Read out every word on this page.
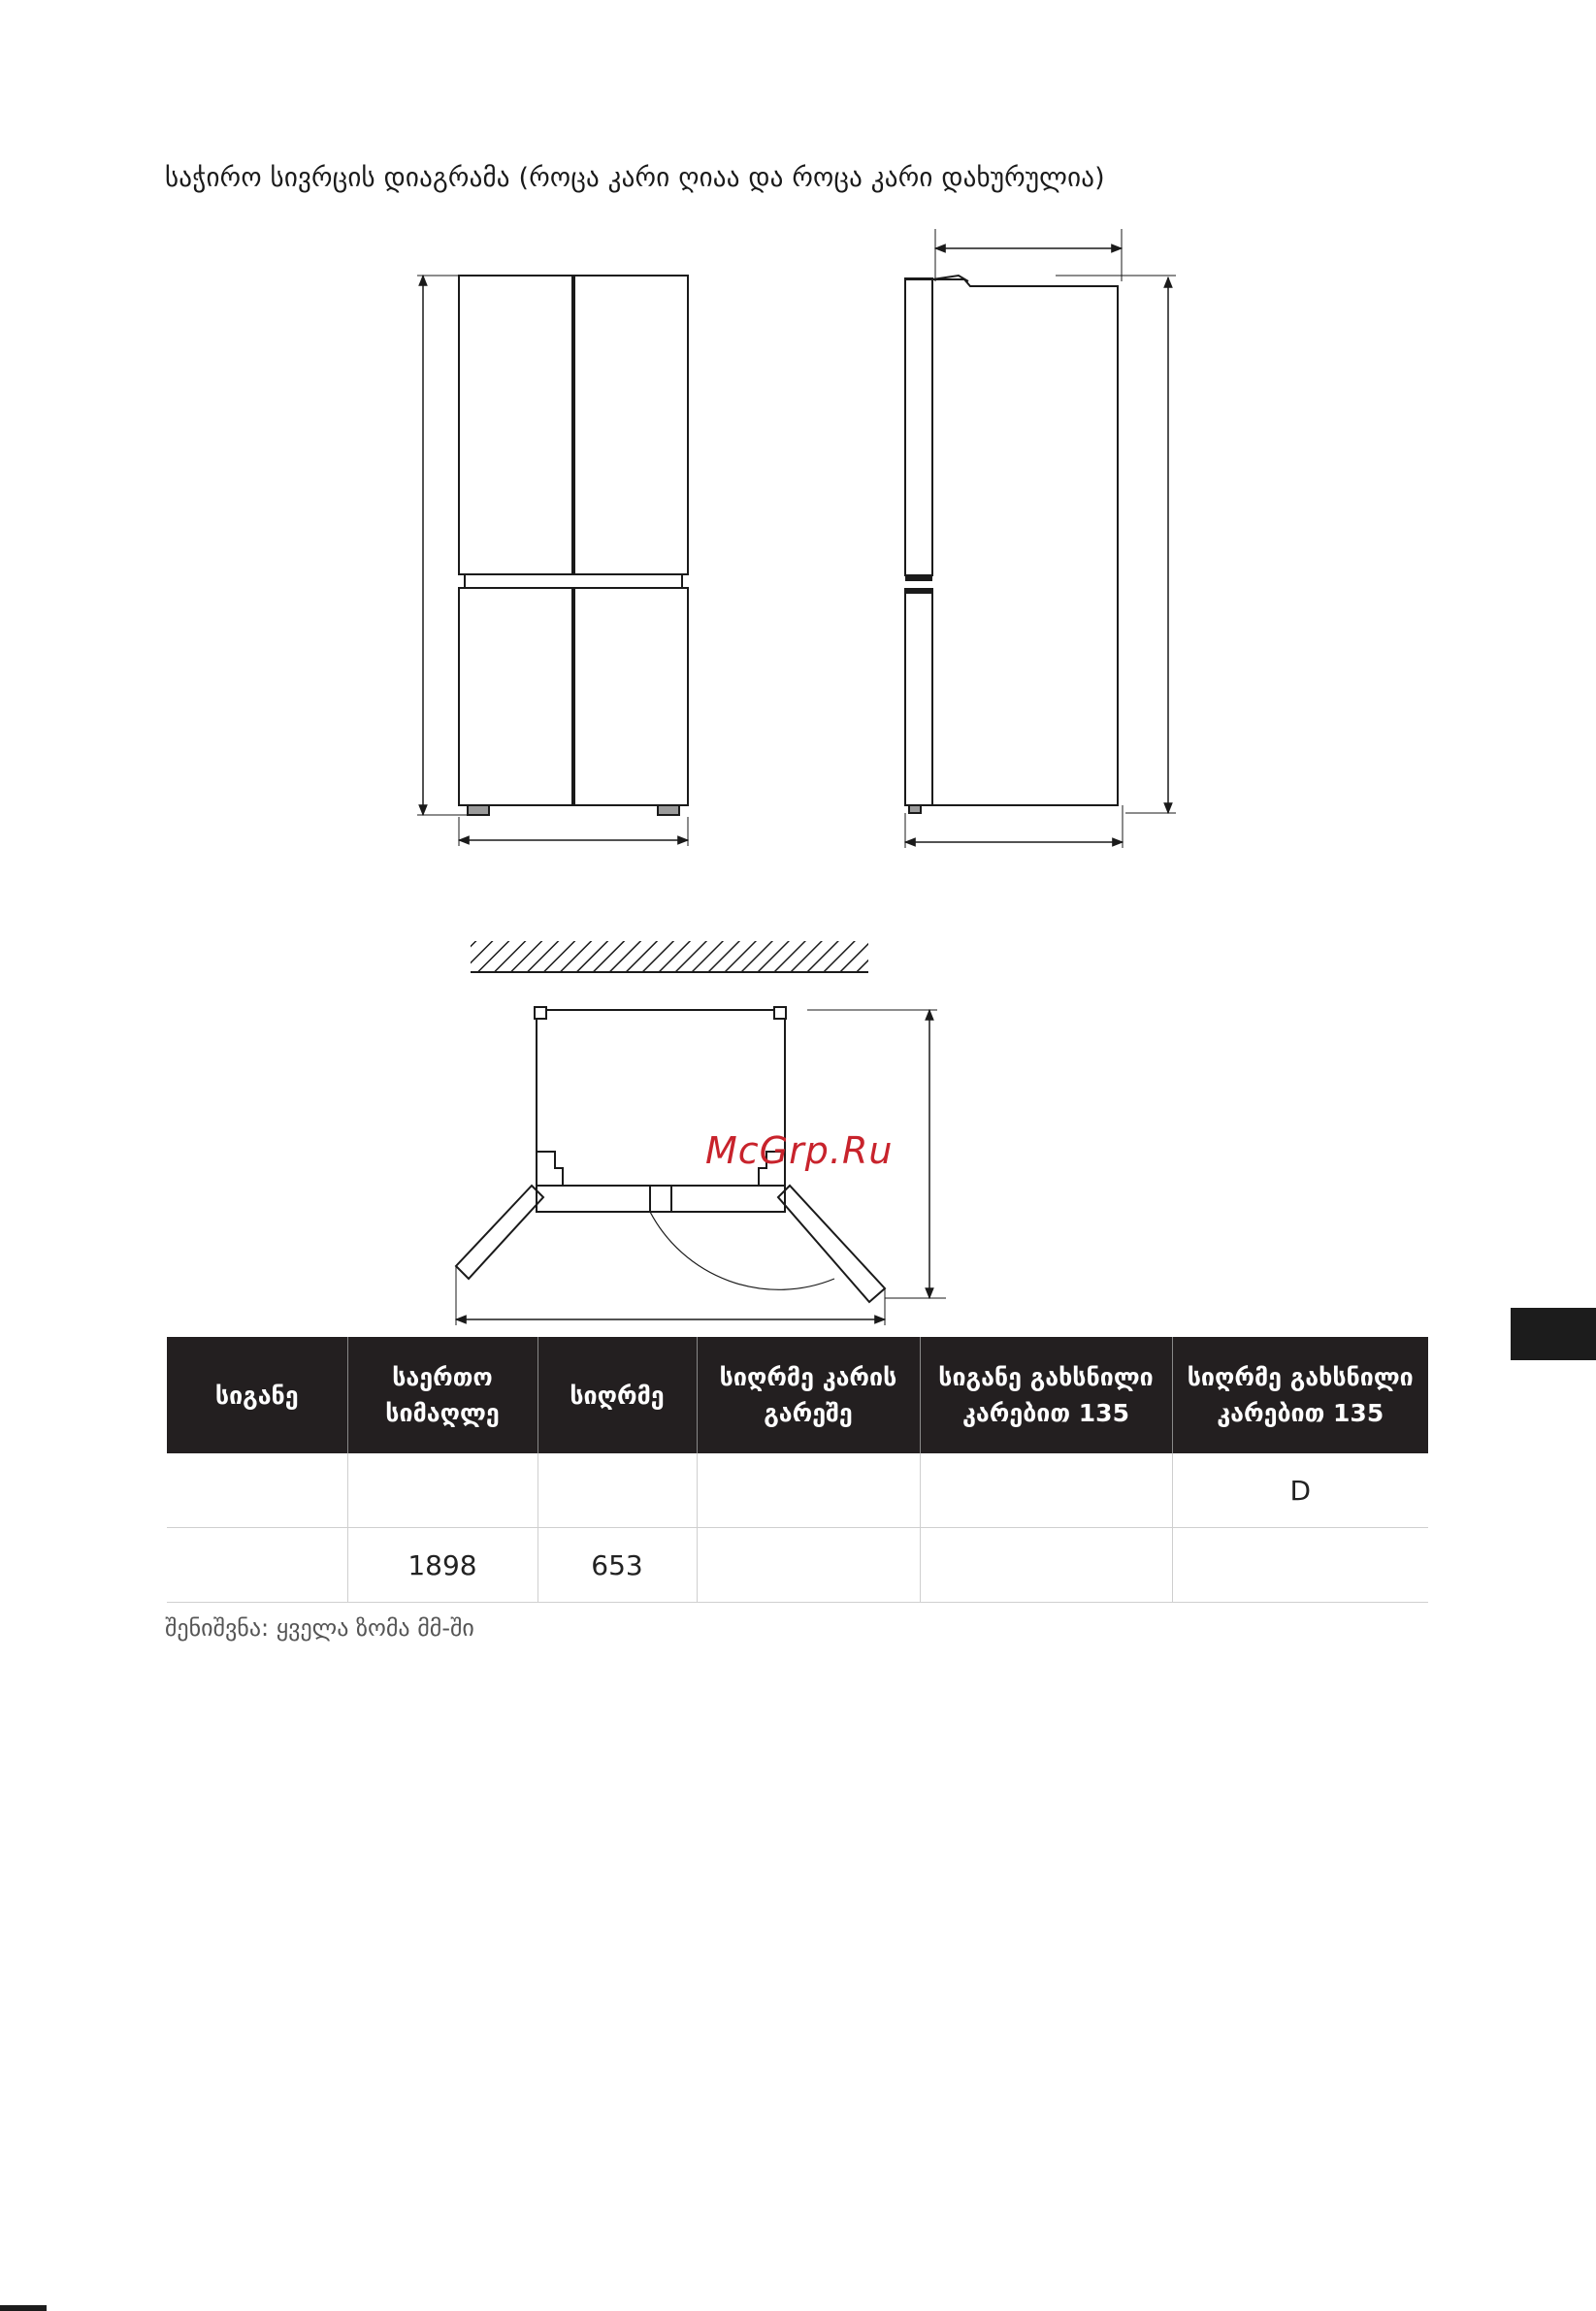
საჭირო სივრცის დიაგრამა (როცა კარი ღიაა და როცა კარი დახურულია)
McGrp.Ru
სიგანე	საერთო სიმაღლე	სიღრმე	სიღრმე კარის გარეშე	სიგანე გახსნილი კარებით 135	სიღრმე გახსნილი კარებით 135
					D
	1898	653			
შენიშვნა: ყველა ზომა მმ-ში
